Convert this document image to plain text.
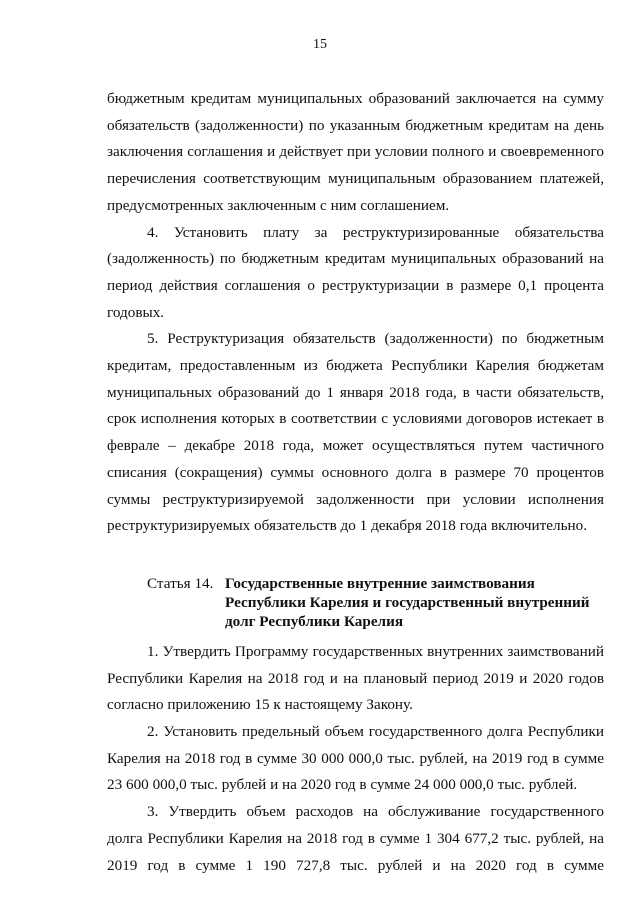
15

бюджетным кредитам муниципальных образований заключается на сумму обязательств (задолженности) по указанным бюджетным кредитам на день заключения соглашения и действует при условии полного и своевременного перечисления соответствующим муниципальным образованием платежей, предусмотренных заключенным с ним соглашением.

4. Установить плату за реструктуризированные обязательства (задолженность) по бюджетным кредитам муниципальных образований на период действия соглашения о реструктуризации в размере 0,1 процента годовых.

5. Реструктуризация обязательств (задолженности) по бюджетным кредитам, предоставленным из бюджета Республики Карелия бюджетам муниципальных образований до 1 января 2018 года, в части обязательств, срок исполнения которых в соответствии с условиями договоров истекает в феврале – декабре 2018 года, может осуществляться путем частичного списания (сокращения) суммы основного долга в размере 70 процентов суммы реструктуризируемой задолженности при условии исполнения реструктуризируемых обязательств до 1 декабря 2018 года включительно.

Статья 14. Государственные внутренние заимствования Республики Карелия и государственный внутренний долг Республики Карелия

1. Утвердить Программу государственных внутренних заимствований Республики Карелия на 2018 год и на плановый период 2019 и 2020 годов согласно приложению 15 к настоящему Закону.

2. Установить предельный объем государственного долга Республики Карелия на 2018 год в сумме 30 000 000,0 тыс. рублей, на 2019 год в сумме 23 600 000,0 тыс. рублей и на 2020 год в сумме 24 000 000,0 тыс. рублей.

3. Утвердить объем расходов на обслуживание государственного долга Республики Карелия на 2018 год в сумме 1 304 677,2 тыс. рублей, на 2019 год в сумме 1 190 727,8 тыс. рублей и на 2020 год в сумме
